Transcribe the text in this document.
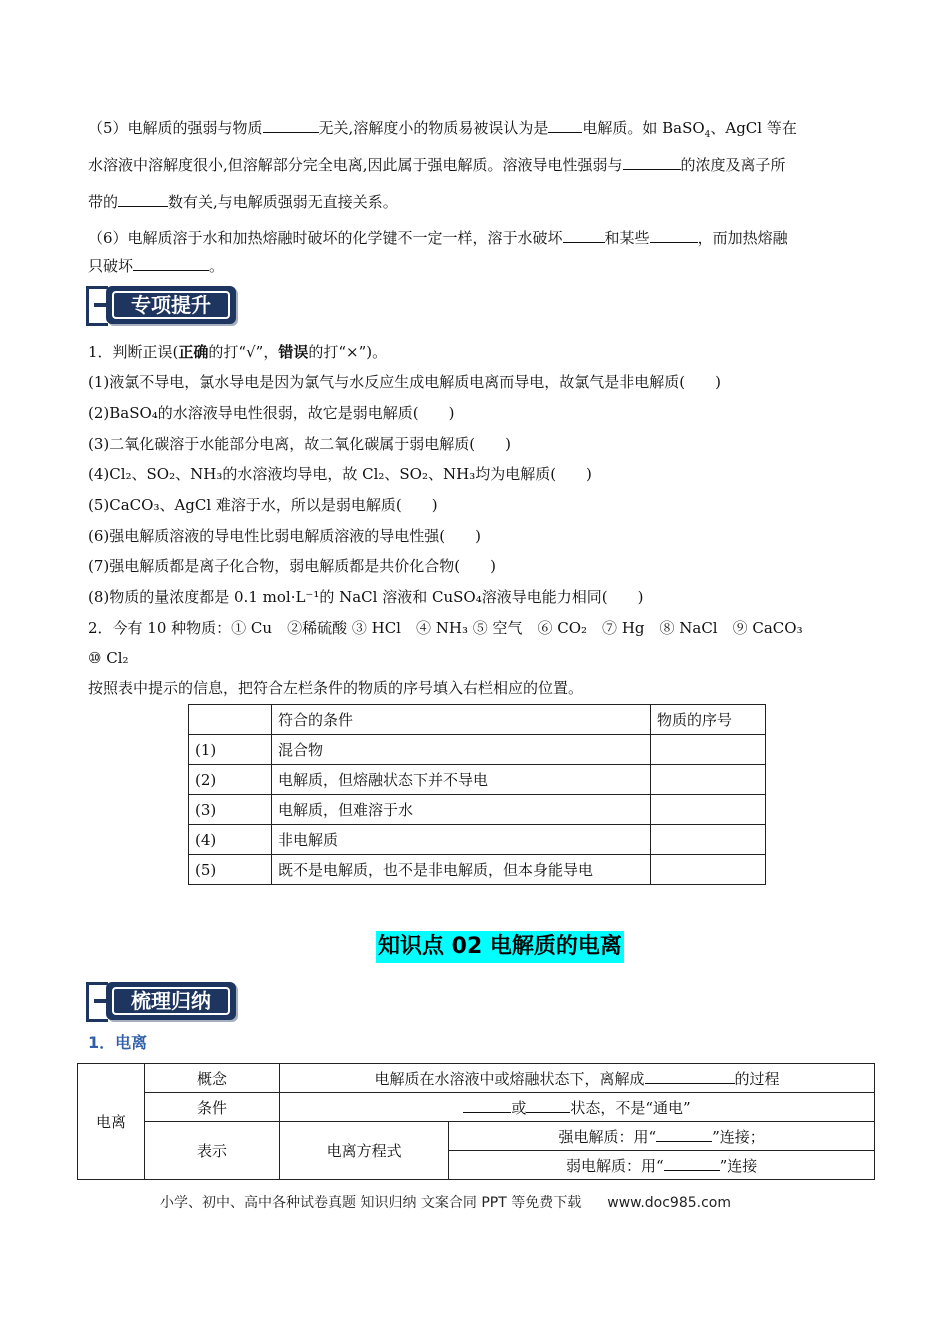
（5）电解质的强弱与物质	无关,溶解度小的物质易被误认为是 电解质。如 BaSO$_4$、AgCl 等在
水溶液中溶解度很小,但溶解部分完全电离,因此属于强电解质。溶液导电性强弱与	的浓度及离子所
带的	数有关,与电解质强弱无直接关系。
（6）电解质溶于水和加热熔融时破坏的化学键不一定一样，溶于水破坏	和某些	，而加热熔融
只破坏	。
专项提升
1．判断正误(正确的打“√”，错误的打“×”)。
(1)液氯不导电，氯水导电是因为氯气与水反应生成电解质电离而导电，故氯气是非电解质(　　)
(2)BaSO₄的水溶液导电性很弱，故它是弱电解质(　　)
(3)二氧化碳溶于水能部分电离，故二氧化碳属于弱电解质(　　)
(4)Cl₂、SO₂、NH₃的水溶液均导电，故 Cl₂、SO₂、NH₃均为电解质(　　)
(5)CaCO₃、AgCl 难溶于水，所以是弱电解质(　　)
(6)强电解质溶液的导电性比弱电解质溶液的导电性强(　　)
(7)强电解质都是离子化合物，弱电解质都是共价化合物(　　)
(8)物质的量浓度都是 0.1 mol·L⁻¹的 NaCl 溶液和 CuSO₄溶液导电能力相同(　　)
2．今有 10 种物质：① Cu　②稀硫酸 ③ HCl　④ NH₃ ⑤ 空气　⑥ CO₂　⑦ Hg　⑧ NaCl　⑨ CaCO₃
⑩ Cl₂
按照表中提示的信息，把符合左栏条件的物质的序号填入右栏相应的位置。
	符合的条件	物质的序号
(1)	混合物	
(2)	电解质，但熔融状态下并不导电	
(3)	电解质，但难溶于水	
(4)	非电解质	
(5)	既不是电解质，也不是非电解质，但本身能导电	
知识点 02 电解质的电离
梳理归纳
1．电离
电离	概念	电解质在水溶液中或熔融状态下，离解成 的过程	
	条件	或 状态，不是“通电”	
	表示	电离方程式	强电解质：用“ ”连接；
			弱电解质：用“ ”连接
小学、初中、高中各种试卷真题 知识归纳 文案合同 PPT 等免费下载 www.doc985.com
